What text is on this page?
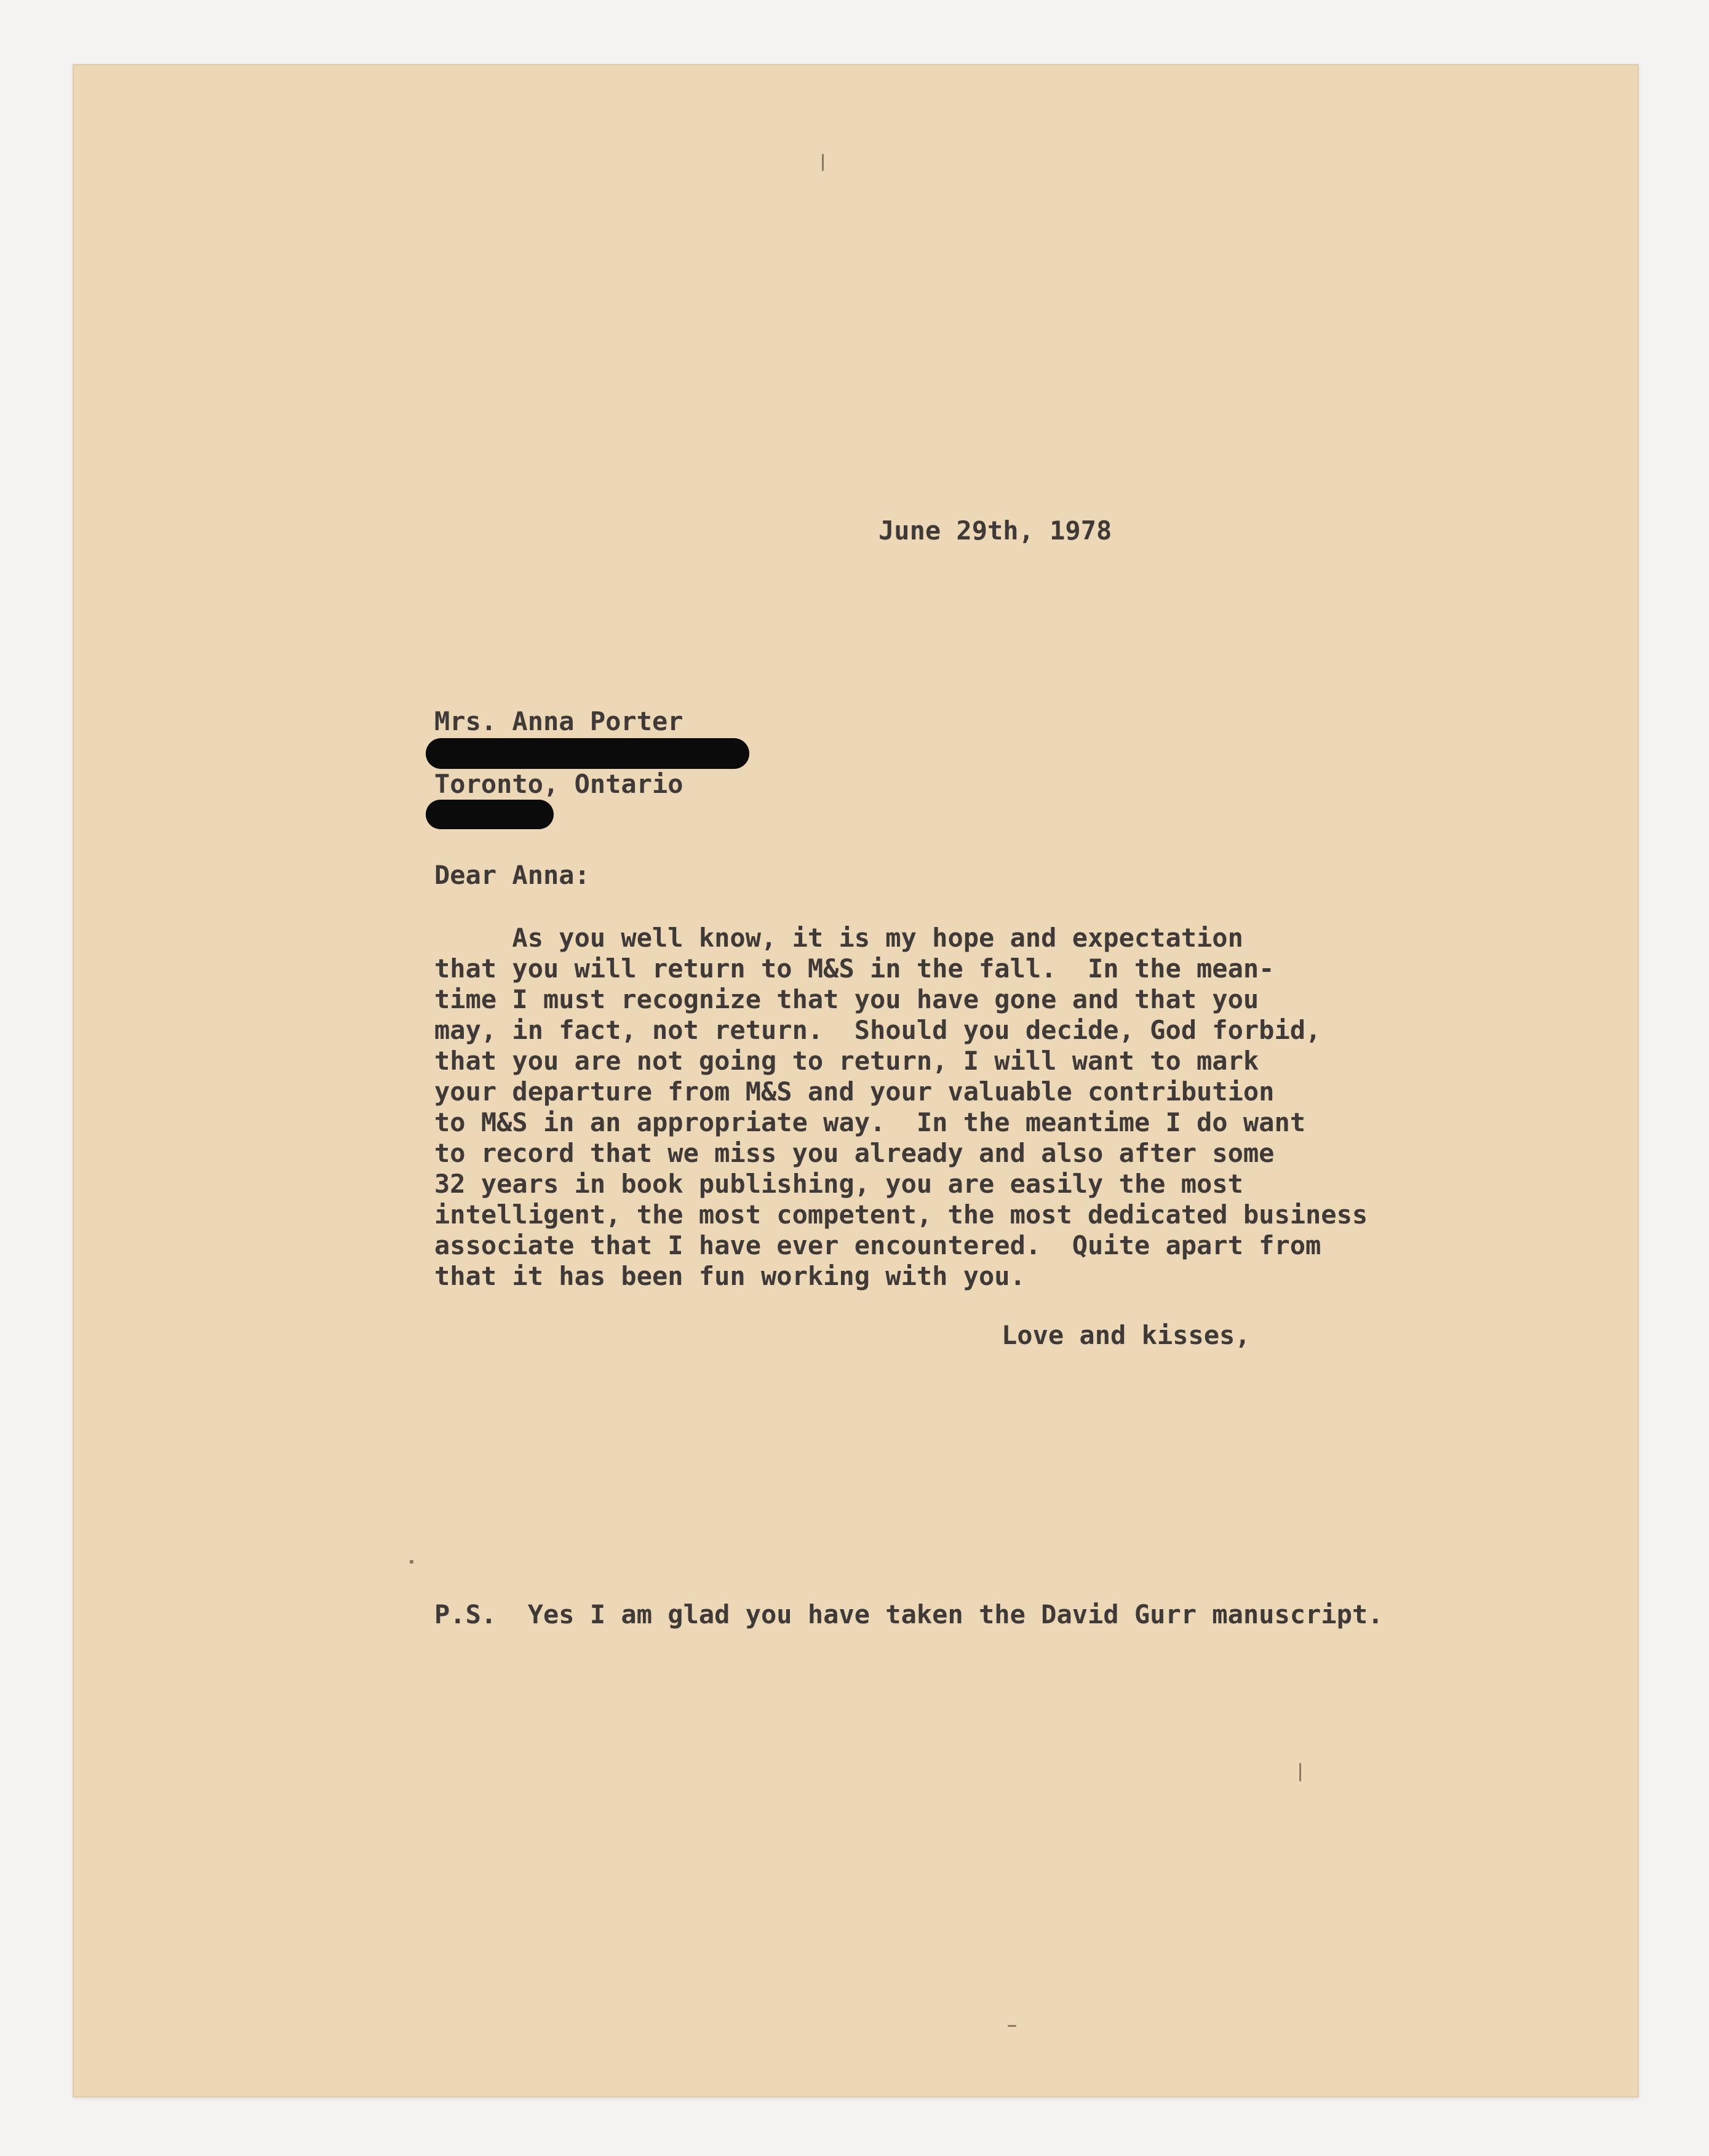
June 29th, 1978
Mrs. Anna Porter
Toronto, Ontario
Dear Anna:
As you well know, it is my hope and expectation
that you will return to M&S in the fall.  In the mean-
time I must recognize that you have gone and that you
may, in fact, not return.  Should you decide, God forbid,
that you are not going to return, I will want to mark
your departure from M&S and your valuable contribution
to M&S in an appropriate way.  In the meantime I do want
to record that we miss you already and also after some
32 years in book publishing, you are easily the most
intelligent, the most competent, the most dedicated business
associate that I have ever encountered.  Quite apart from
that it has been fun working with you.
Love and kisses,
P.S.  Yes I am glad you have taken the David Gurr manuscript.
